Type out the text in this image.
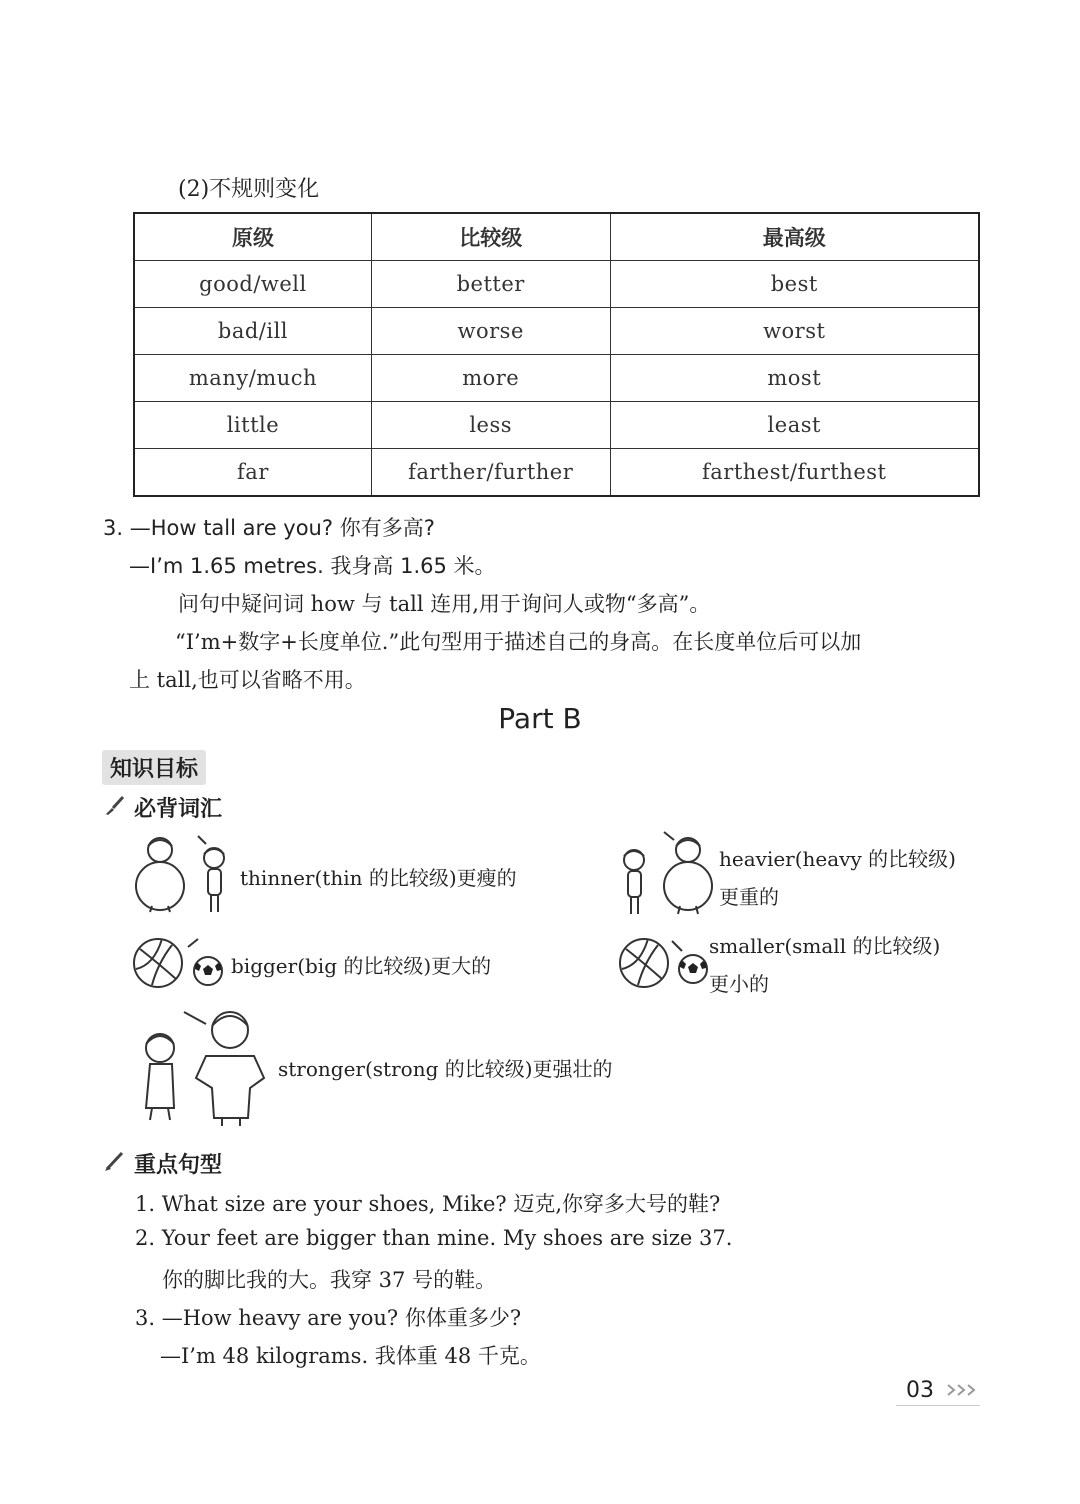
(2)不规则变化
原级	比较级	最高级
good/well	better	best
bad/ill	worse	worst
many/much	more	most
little	less	least
far	farther/further	farthest/furthest
3. —How tall are you? 你有多高?
—I’m 1.65 metres. 我身高 1.65 米。
问句中疑问词 how 与 tall 连用,用于询问人或物“多高”。
“I’m+数字+长度单位.”此句型用于描述自己的身高。在长度单位后可以加
上 tall,也可以省略不用。
Part B
知识目标
必背词汇
thinner(thin 的比较级)更瘦的
heavier(heavy 的比较级)
更重的
bigger(big 的比较级)更大的
smaller(small 的比较级)
更小的
stronger(strong 的比较级)更强壮的
重点句型
1. What size are your shoes, Mike? 迈克,你穿多大号的鞋?
2. Your feet are bigger than mine. My shoes are size 37.
你的脚比我的大。我穿 37 号的鞋。
3. —How heavy are you? 你体重多少?
—I’m 48 kilograms. 我体重 48 千克。
03
